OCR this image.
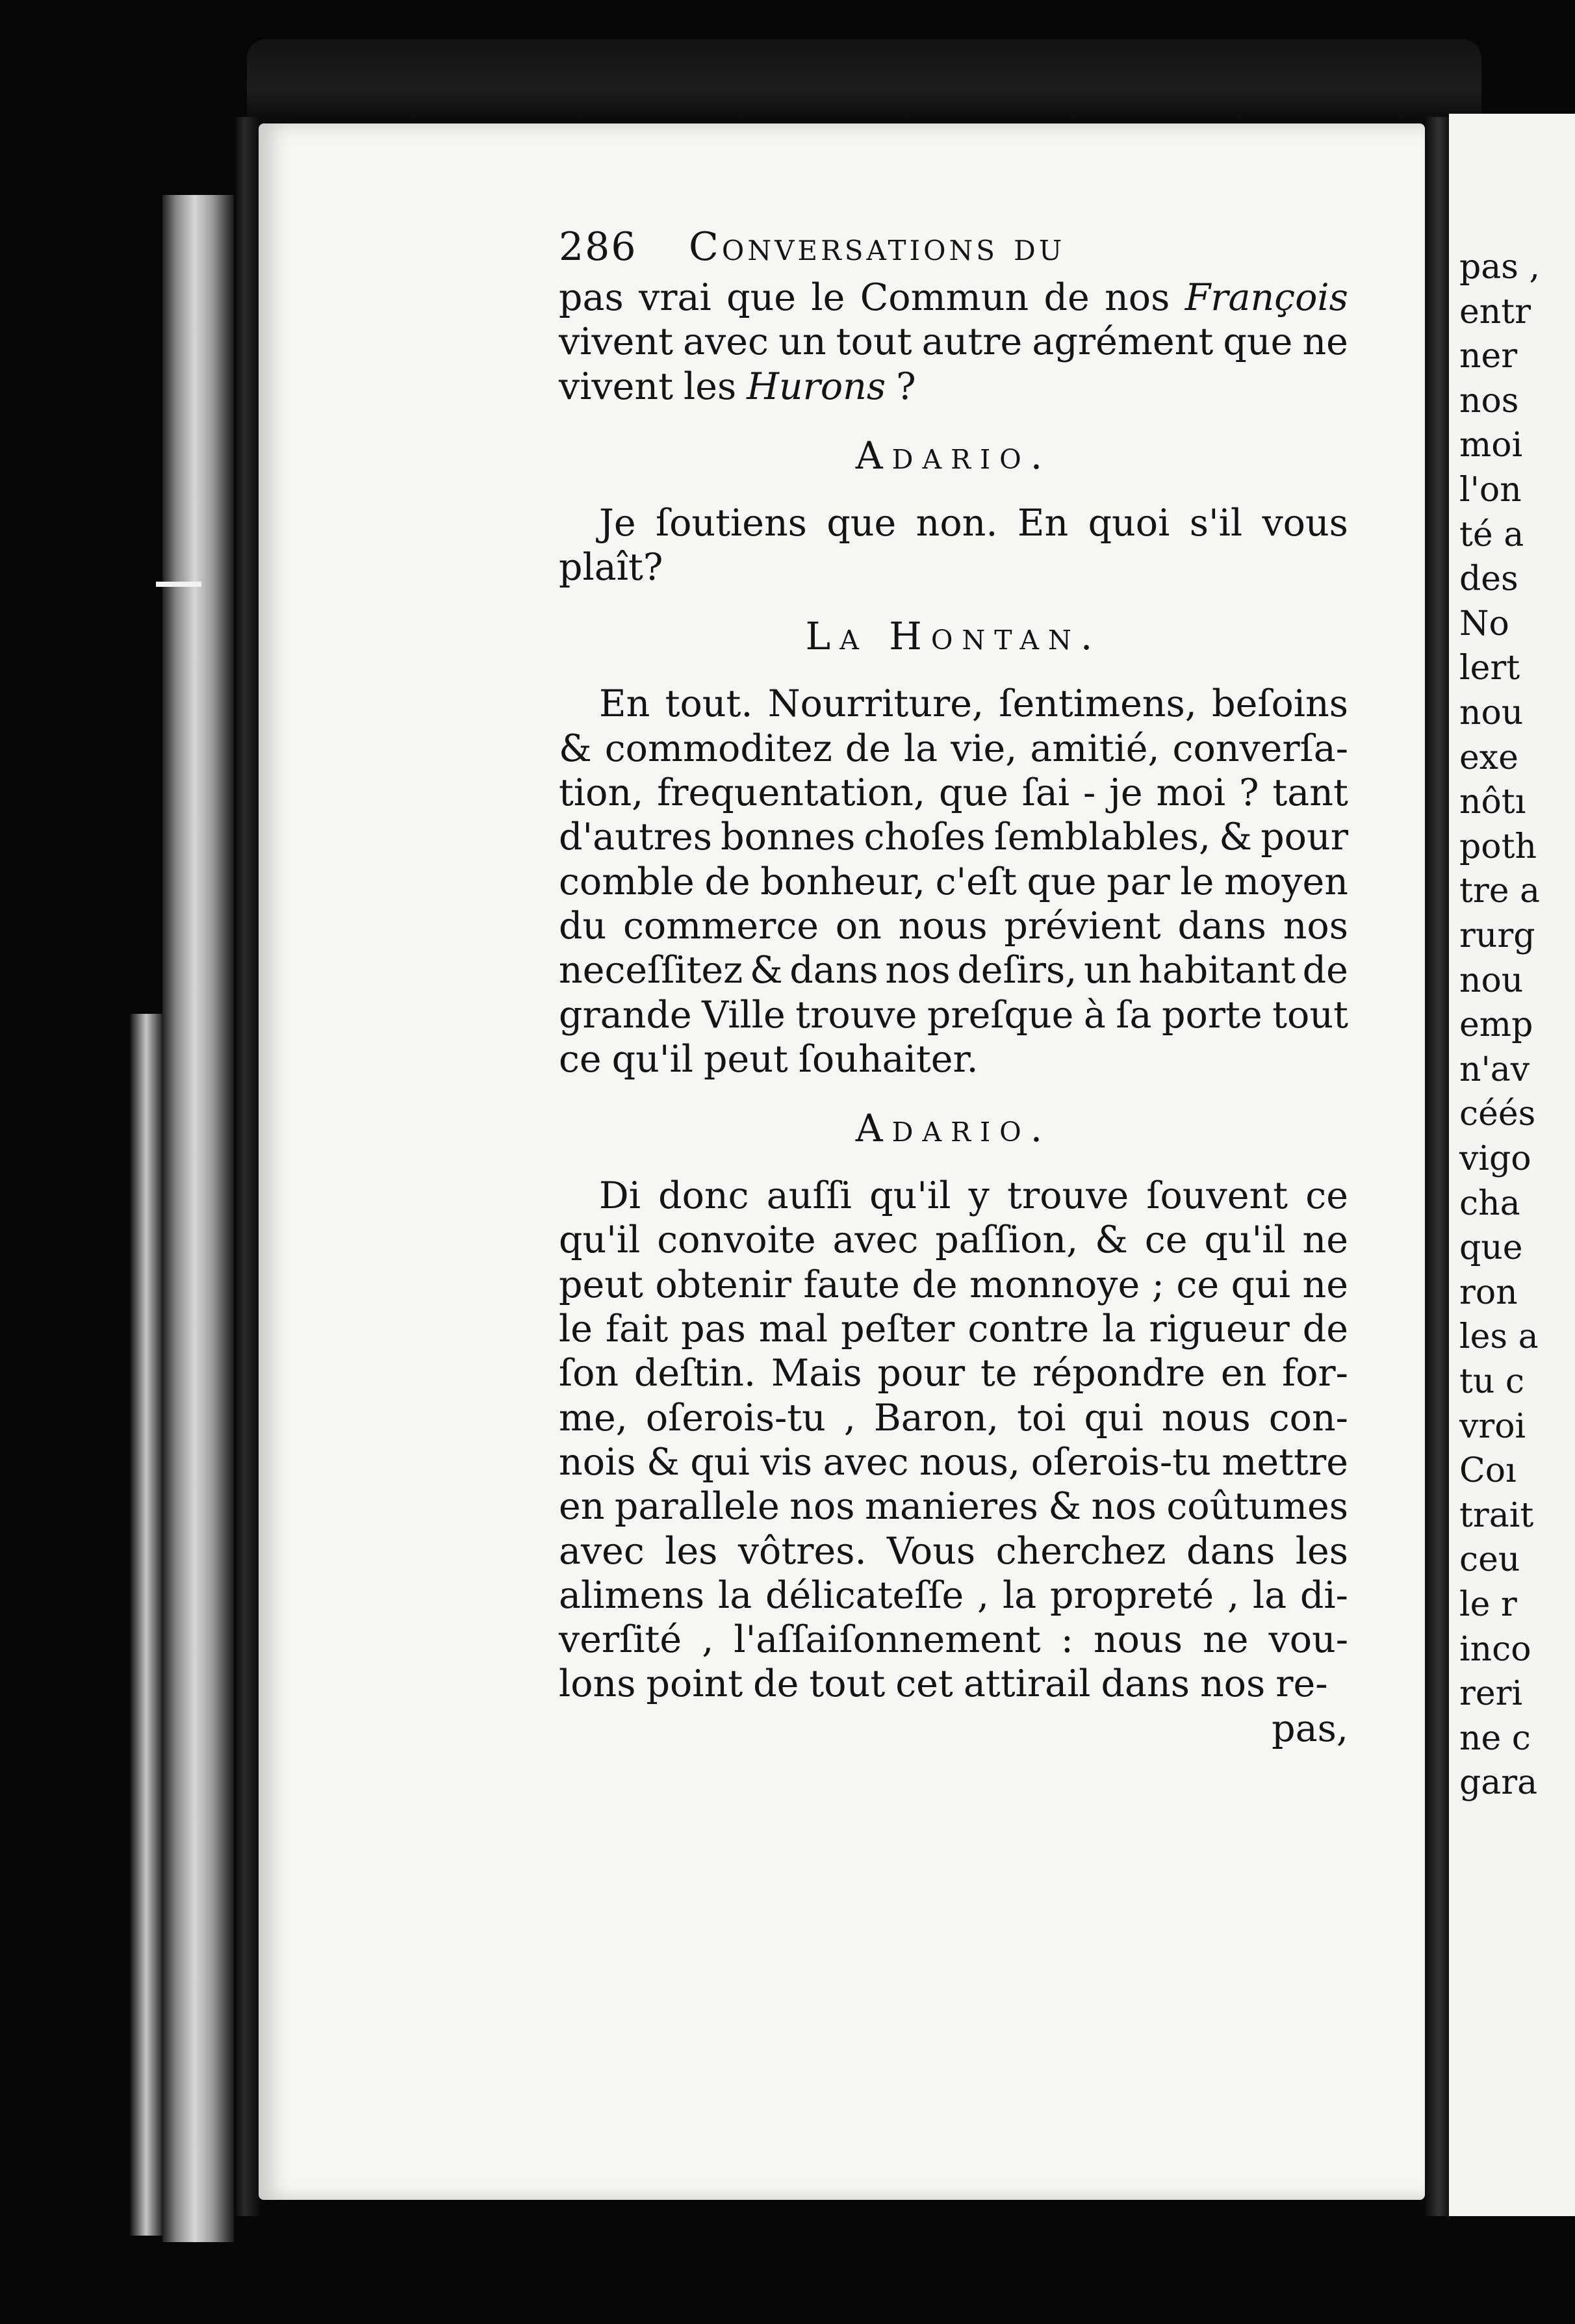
286	Conversations du
pas vrai que le Commun de nos François
vivent avec un tout autre agrément que ne
vivent les Hurons ?
Adario.
Je ſoutiens que non. En quoi s'il vous
plaît?
La Hontan.
En tout. Nourriture, ſentimens, beſoins
& commoditez de la vie, amitié, converſa-
tion, frequentation, que ſai - je moi ? tant
d'autres bonnes choſes ſemblables, & pour
comble de bonheur, c'eſt que par le moyen
du commerce on nous prévient dans nos
neceſſitez & dans nos deſirs, un habitant de
grande Ville trouve preſque à ſa porte tout
ce qu'il peut ſouhaiter.
Adario.
Di donc auſſi qu'il y trouve ſouvent ce
qu'il convoite avec paſſion, & ce qu'il ne
peut obtenir faute de monnoye ; ce qui ne
le fait pas mal peſter contre la rigueur de
ſon deſtin. Mais pour te répondre en for-
me, oſerois-tu , Baron, toi qui nous con-
nois & qui vis avec nous, oſerois-tu mettre
en parallele nos manieres & nos coûtumes
avec les vôtres. Vous cherchez dans les
alimens la délicateſſe , la propreté , la di-
verſité , l'aſſaiſonnement : nous ne vou-
lons point de tout cet attirail dans nos re-
pas,
pas ,
entr
ner
nos
moi
l'on
té a
des
No
lert
nou
exe
nôtı
poth
tre a
rurg
nou
emp
n'av
céés
vigo
cha
que
ron
les a
tu c
vroi
Coı
trait
ceu
le r
inco
reri
ne c
gara
